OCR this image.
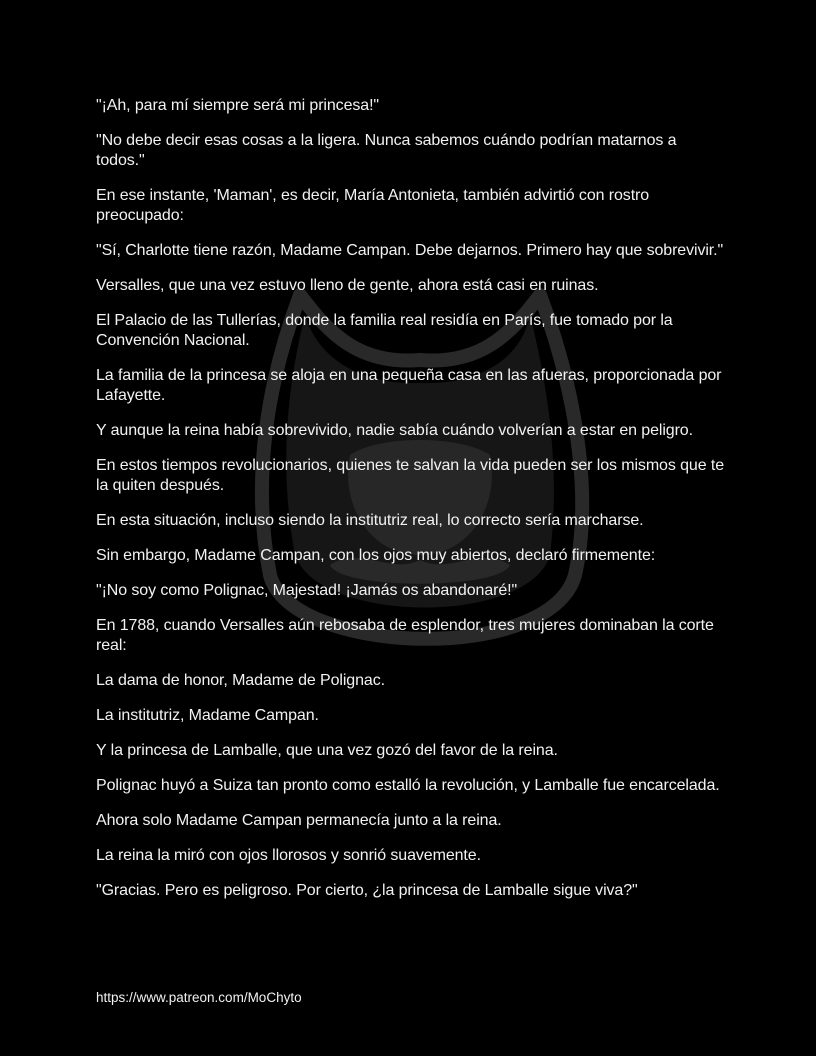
"¡Ah, para mí siempre será mi princesa!"

"No debe decir esas cosas a la ligera. Nunca sabemos cuándo podrían matarnos a todos."

En ese instante, 'Maman', es decir, María Antonieta, también advirtió con rostro preocupado:

"Sí, Charlotte tiene razón, Madame Campan. Debe dejarnos. Primero hay que sobrevivir."

Versalles, que una vez estuvo lleno de gente, ahora está casi en ruinas.

El Palacio de las Tullerías, donde la familia real residía en París, fue tomado por la Convención Nacional.

La familia de la princesa se aloja en una pequeña casa en las afueras, proporcionada por Lafayette.

Y aunque la reina había sobrevivido, nadie sabía cuándo volverían a estar en peligro.

En estos tiempos revolucionarios, quienes te salvan la vida pueden ser los mismos que te la quiten después.

En esta situación, incluso siendo la institutriz real, lo correcto sería marcharse.

Sin embargo, Madame Campan, con los ojos muy abiertos, declaró firmemente:

"¡No soy como Polignac, Majestad! ¡Jamás os abandonaré!"

En 1788, cuando Versalles aún rebosaba de esplendor, tres mujeres dominaban la corte real:

La dama de honor, Madame de Polignac.

La institutriz, Madame Campan.

Y la princesa de Lamballe, que una vez gozó del favor de la reina.

Polignac huyó a Suiza tan pronto como estalló la revolución, y Lamballe fue encarcelada.

Ahora solo Madame Campan permanecía junto a la reina.

La reina la miró con ojos llorosos y sonrió suavemente.

"Gracias. Pero es peligroso. Por cierto, ¿la princesa de Lamballe sigue viva?"

https://www.patreon.com/MoChyto
